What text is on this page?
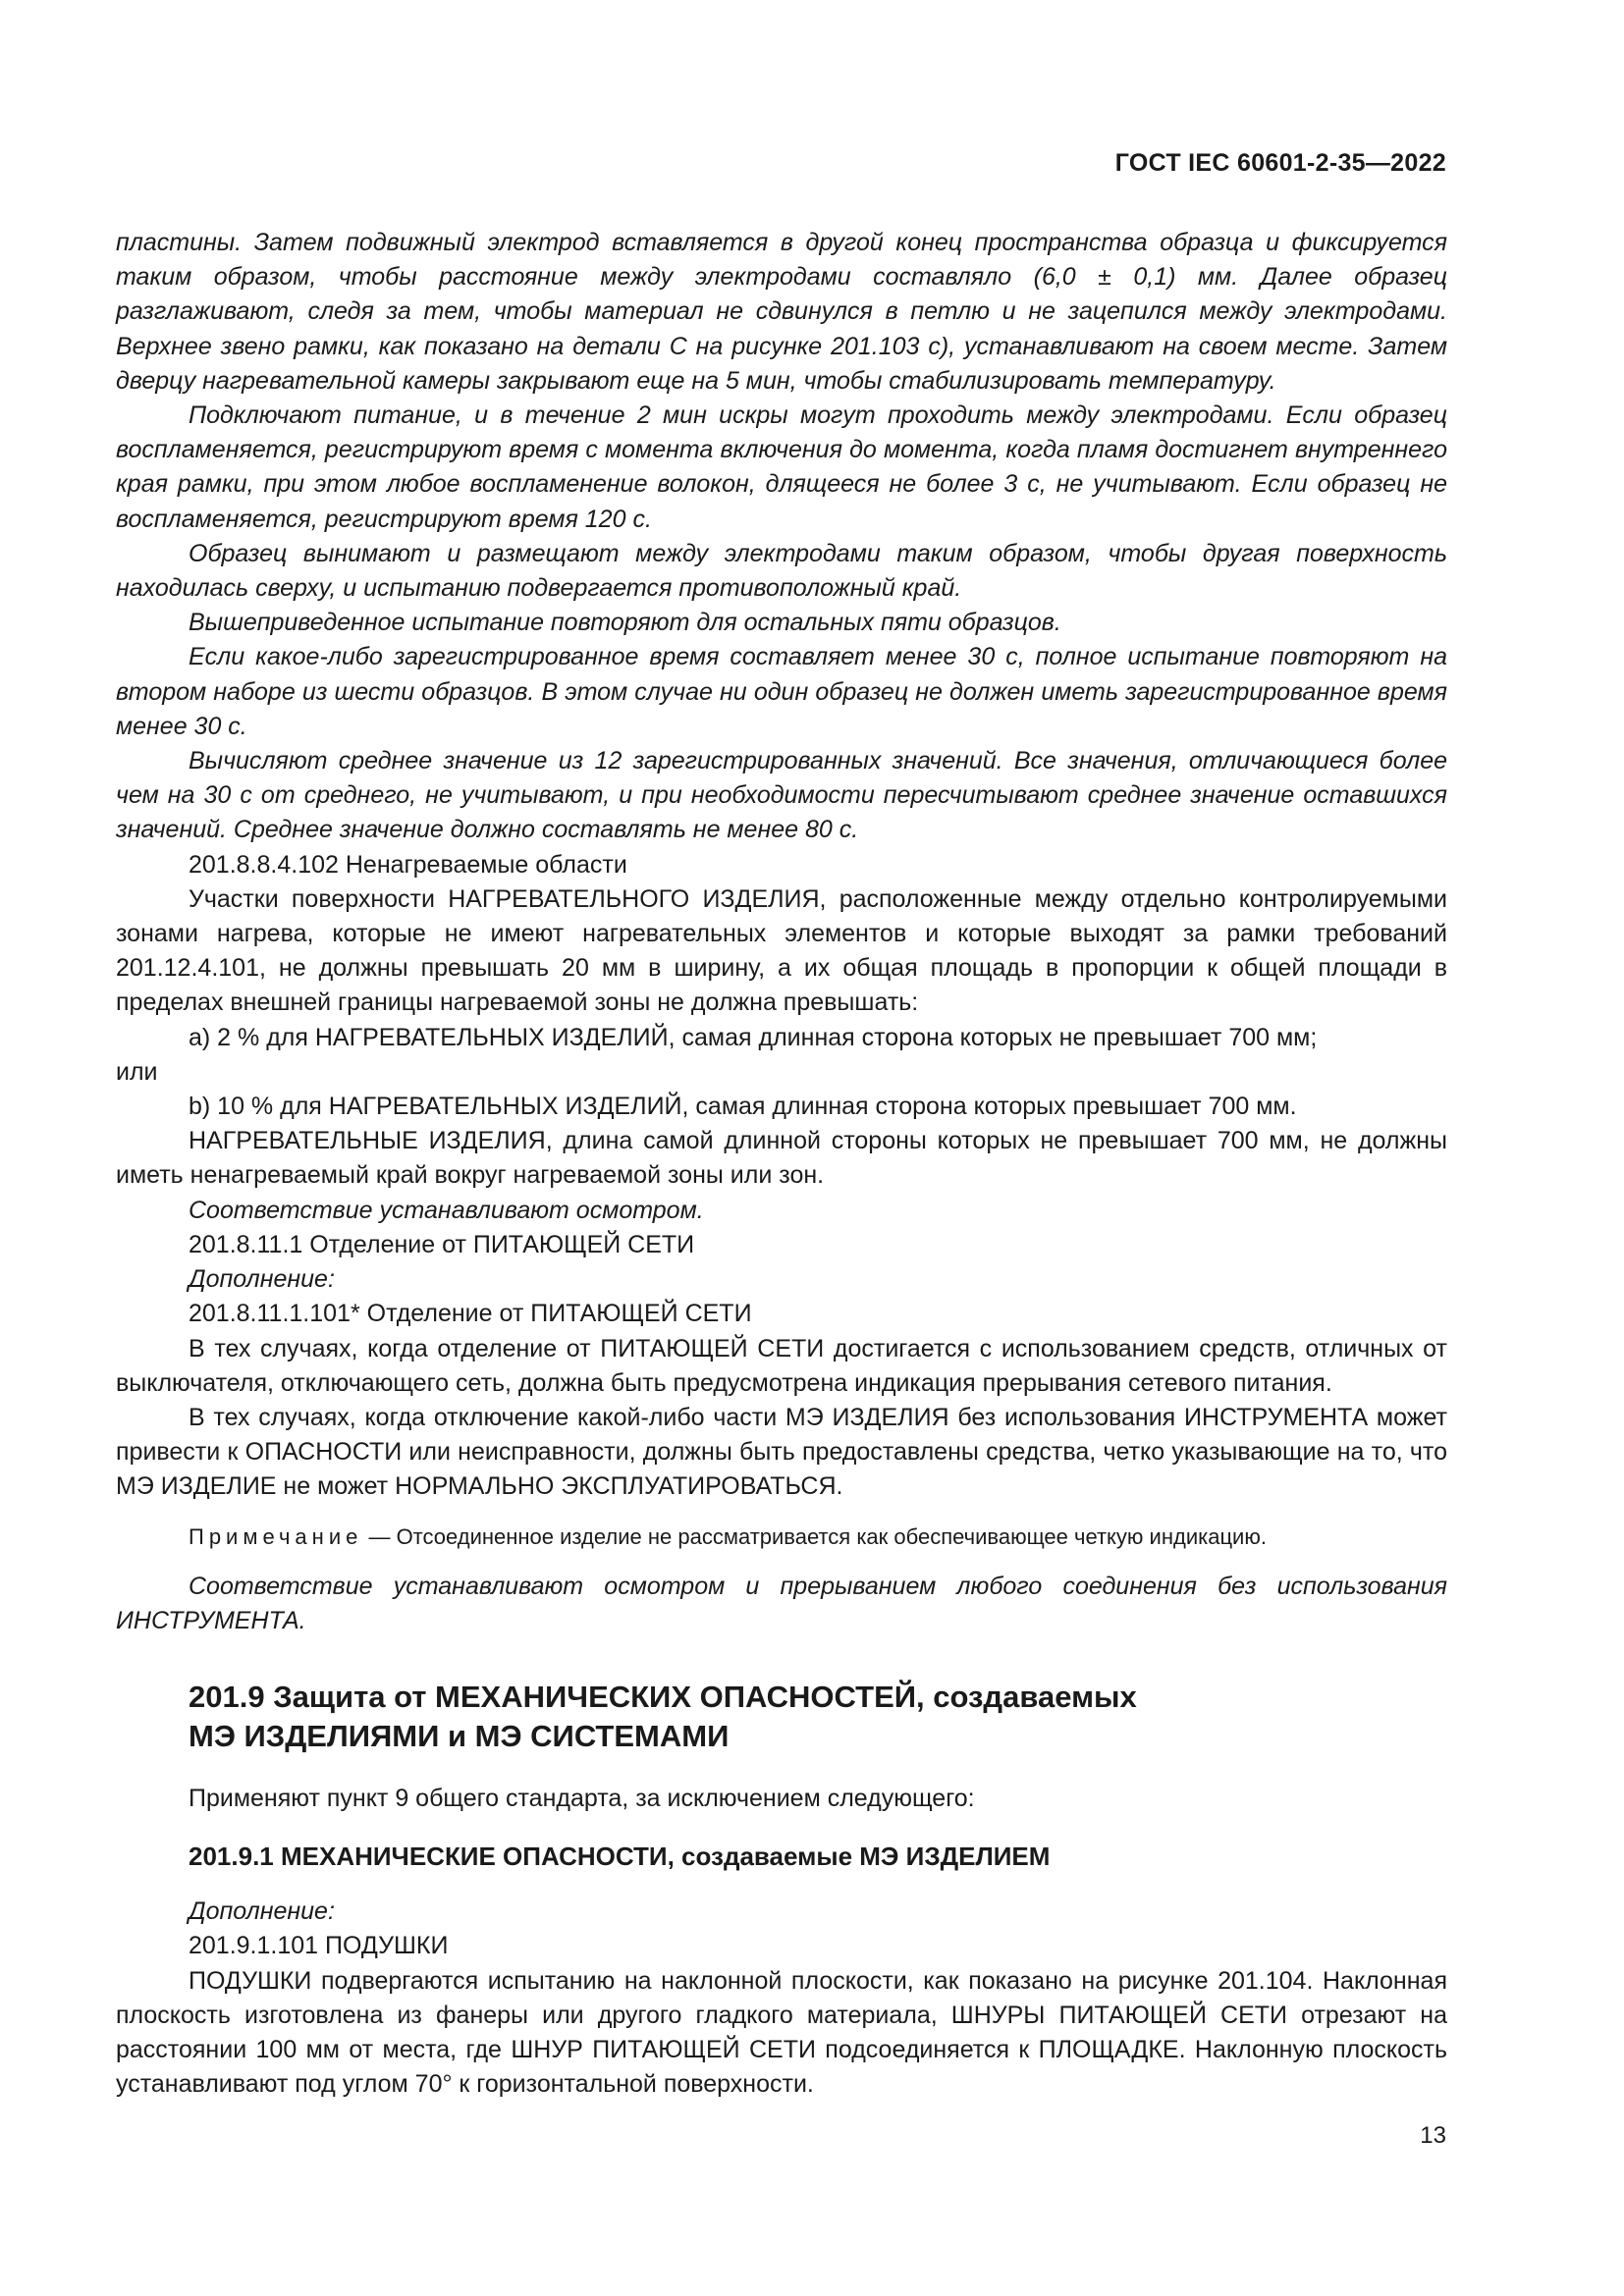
ГОСТ IEC 60601-2-35—2022

пластины. Затем подвижный электрод вставляется в другой конец пространства образца и фиксируется таким образом, чтобы расстояние между электродами составляло (6,0 ± 0,1) мм. Далее образец разглаживают, следя за тем, чтобы материал не сдвинулся в петлю и не зацепился между электродами. Верхнее звено рамки, как показано на детали С на рисунке 201.103 с), устанавливают на своем месте. Затем дверцу нагревательной камеры закрывают еще на 5 мин, чтобы стабилизировать температуру.

Подключают питание, и в течение 2 мин искры могут проходить между электродами. Если образец воспламеняется, регистрируют время с момента включения до момента, когда пламя достигнет внутреннего края рамки, при этом любое воспламенение волокон, длящееся не более 3 с, не учитывают. Если образец не воспламеняется, регистрируют время 120 с.

Образец вынимают и размещают между электродами таким образом, чтобы другая поверхность находилась сверху, и испытанию подвергается противоположный край.

Вышеприведенное испытание повторяют для остальных пяти образцов.

Если какое-либо зарегистрированное время составляет менее 30 с, полное испытание повторяют на втором наборе из шести образцов. В этом случае ни один образец не должен иметь зарегистрированное время менее 30 с.

Вычисляют среднее значение из 12 зарегистрированных значений. Все значения, отличающиеся более чем на 30 с от среднего, не учитывают, и при необходимости пересчитывают среднее значение оставшихся значений. Среднее значение должно составлять не менее 80 с.

201.8.8.4.102 Ненагреваемые области

Участки поверхности НАГРЕВАТЕЛЬНОГО ИЗДЕЛИЯ, расположенные между отдельно контролируемыми зонами нагрева, которые не имеют нагревательных элементов и которые выходят за рамки требований 201.12.4.101, не должны превышать 20 мм в ширину, а их общая площадь в пропорции к общей площади в пределах внешней границы нагреваемой зоны не должна превышать:

a) 2 % для НАГРЕВАТЕЛЬНЫХ ИЗДЕЛИЙ, самая длинная сторона которых не превышает 700 мм;

или

b) 10 % для НАГРЕВАТЕЛЬНЫХ ИЗДЕЛИЙ, самая длинная сторона которых превышает 700 мм.

НАГРЕВАТЕЛЬНЫЕ ИЗДЕЛИЯ, длина самой длинной стороны которых не превышает 700 мм, не должны иметь ненагреваемый край вокруг нагреваемой зоны или зон.

Соответствие устанавливают осмотром.

201.8.11.1 Отделение от ПИТАЮЩЕЙ СЕТИ

Дополнение:

201.8.11.1.101* Отделение от ПИТАЮЩЕЙ СЕТИ

В тех случаях, когда отделение от ПИТАЮЩЕЙ СЕТИ достигается с использованием средств, отличных от выключателя, отключающего сеть, должна быть предусмотрена индикация прерывания сетевого питания.

В тех случаях, когда отключение какой-либо части МЭ ИЗДЕЛИЯ без использования ИНСТРУМЕНТА может привести к ОПАСНОСТИ или неисправности, должны быть предоставлены средства, четко указывающие на то, что МЭ ИЗДЕЛИЕ не может НОРМАЛЬНО ЭКСПЛУАТИРОВАТЬСЯ.

Примечание — Отсоединенное изделие не рассматривается как обеспечивающее четкую индикацию.

Соответствие устанавливают осмотром и прерыванием любого соединения без использования ИНСТРУМЕНТА.

201.9 Защита от МЕХАНИЧЕСКИХ ОПАСНОСТЕЙ, создаваемых
МЭ ИЗДЕЛИЯМИ и МЭ СИСТЕМАМИ

Применяют пункт 9 общего стандарта, за исключением следующего:

201.9.1 МЕХАНИЧЕСКИЕ ОПАСНОСТИ, создаваемые МЭ ИЗДЕЛИЕМ

Дополнение:

201.9.1.101 ПОДУШКИ

ПОДУШКИ подвергаются испытанию на наклонной плоскости, как показано на рисунке 201.104. Наклонная плоскость изготовлена из фанеры или другого гладкого материала, ШНУРЫ ПИТАЮЩЕЙ СЕТИ отрезают на расстоянии 100 мм от места, где ШНУР ПИТАЮЩЕЙ СЕТИ подсоединяется к ПЛОЩАДКЕ. Наклонную плоскость устанавливают под углом 70° к горизонтальной поверхности.

13
